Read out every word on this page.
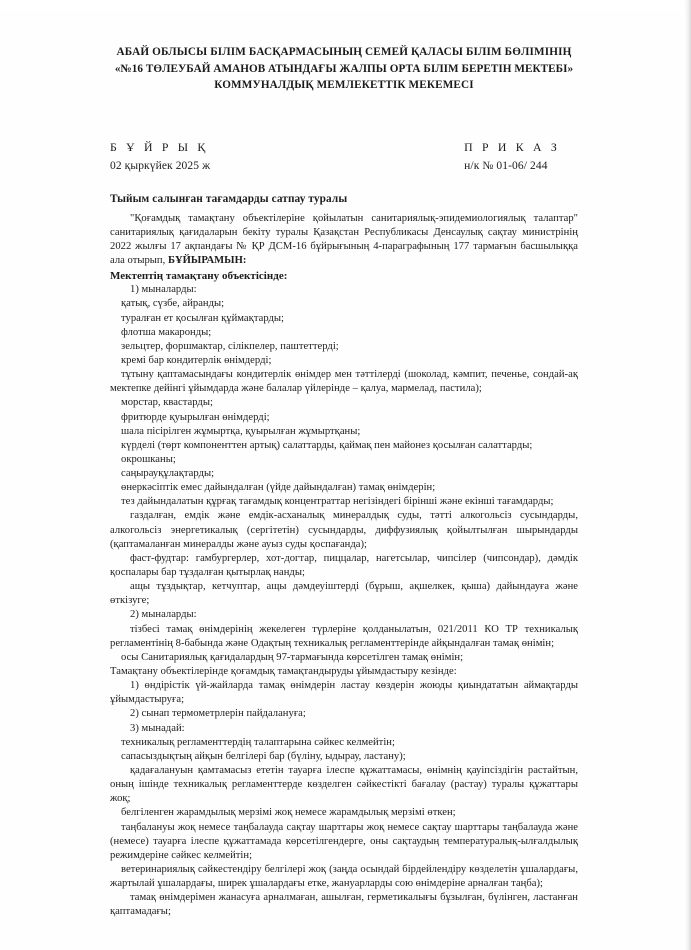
АБАЙ ОБЛЫСЫ БІЛІМ БАСҚАРМАСЫНЫҢ СЕМЕЙ ҚАЛАСЫ БІЛІМ БӨЛІМІНІҢ
«№16 ТӨЛЕУБАЙ АМАНОВ АТЫНДАҒЫ ЖАЛПЫ ОРТА БІЛІМ БЕРЕТІН МЕКТЕБІ»
КОММУНАЛДЫҚ МЕМЛЕКЕТТІК МЕКЕМЕСІ
Б Ұ Й Р Ы Қ
02 қыркүйек 2025 ж
П Р И К А З
н/к № 01-06/ 244
Тыйым салынған тағамдарды сатпау туралы

"Қоғамдық тамақтану объектілеріне қойылатын санитариялық-эпидемиологиялық талаптар" санитариялық қағидаларын бекіту туралы Қазақстан Республикасы Денсаулық сақтау министрінің 2022 жылғы 17 ақпандағы № ҚР ДСМ-16 бұйрығының 4-параграфының 177 тармағын басшылыққа ала отырып, БҰЙЫРАМЫН:

Мектептің тамақтану объектісінде:

1) мыналарды:

қатық, сүзбе, айранды;

туралған ет қосылған құймақтарды;

флотша макаронды;

зельцтер, форшмактар, сілікпелер, паштеттерді;

кремі бар кондитерлік өнімдерді;

тұтыну қаптамасындағы кондитерлік өнімдер мен тәттілерді (шоколад, кәмпит, печенье, сондай-ақ мектепке дейінгі ұйымдарда және балалар үйлерінде – қалуа, мармелад, пастила);

морстар, квастарды;

фритюрде қуырылған өнімдерді;

шала пісірілген жұмыртқа, қуырылған жұмыртқаны;

күрделі (төрт компоненттен артық) салаттарды, қаймақ пен майонез қосылған салаттарды;

окрошканы;

саңырауқұлақтарды;

өнеркәсіптік емес дайындалған (үйде дайындалған) тамақ өнімдерін;

тез дайындалатын құрғақ тағамдық концентраттар негізіндегі бірінші және екінші тағамдарды;

газдалған, емдік және емдік-асханалық минералдық суды, тәтті алкогольсіз сусындарды, алкогольсіз энергетикалық (сергітетін) сусындарды, диффузиялық қойылтылған шырындарды (қаптамаланған минералды және ауыз суды қоспағанда);

фаст-фудтар: гамбургерлер, хот-догтар, пиццалар, нагетсылар, чипсілер (чипсондар), дәмдік қоспалары бар тұздалған қытырлақ нанды;

ащы тұздықтар, кетчуптар, ащы дәмдеуіштерді (бұрыш, ақшелкек, қыша) дайындауға және өткізуге;

2) мыналарды:

тізбесі тамақ өнімдерінің жекелеген түрлеріне қолданылатын, 021/2011 КО ТР техникалық регламентінің 8-бабында және Одақтың техникалық регламенттерінде айқындалған тамақ өнімін;

осы Санитариялық қағидалардың 97-тармағында көрсетілген тамақ өнімін;

Тамақтану объектілерінде қоғамдық тамақтандыруды ұйымдастыру кезінде:

1) өндірістік үй-жайларда тамақ өнімдерін ластау көздерін жоюды қиындататын аймақтарды ұйымдастыруға;

2) сынап термометрлерін пайдалануға;

3) мынадай:

техникалық регламенттердің талаптарына сәйкес келмейтін;

сапасыздықтың айқын белгілері бар (бүліну, ыдырау, ластану);

қадағалануын қамтамасыз ететін тауарға ілеспе құжаттамасы, өнімнің қауіпсіздігін растайтын, оның ішінде техникалық регламенттерде көзделген сәйкестікті бағалау (растау) туралы құжаттары жоқ;

белгіленген жарамдылық мерзімі жоқ немесе жарамдылық мерзімі өткен;

таңбалануы жоқ немесе таңбалауда сақтау шарттары жоқ немесе сақтау шарттары таңбалауда және (немесе) тауарға ілеспе құжаттамада көрсетілгендерге, оны сақтаудың температуралық-ылғалдылық режимдеріне сәйкес келмейтін;

ветеринариялық сәйкестендіру белгілері жоқ (заңда осындай бірдейлендіру көзделетін ұшалардағы, жартылай ұшалардағы, ширек ұшалардағы етке, жануарларды сою өнімдеріне арналған таңба);

тамақ өнімдерімен жанасуға арналмаған, ашылған, герметикалығы бұзылған, бүлінген, ластанған қаптамадағы;
